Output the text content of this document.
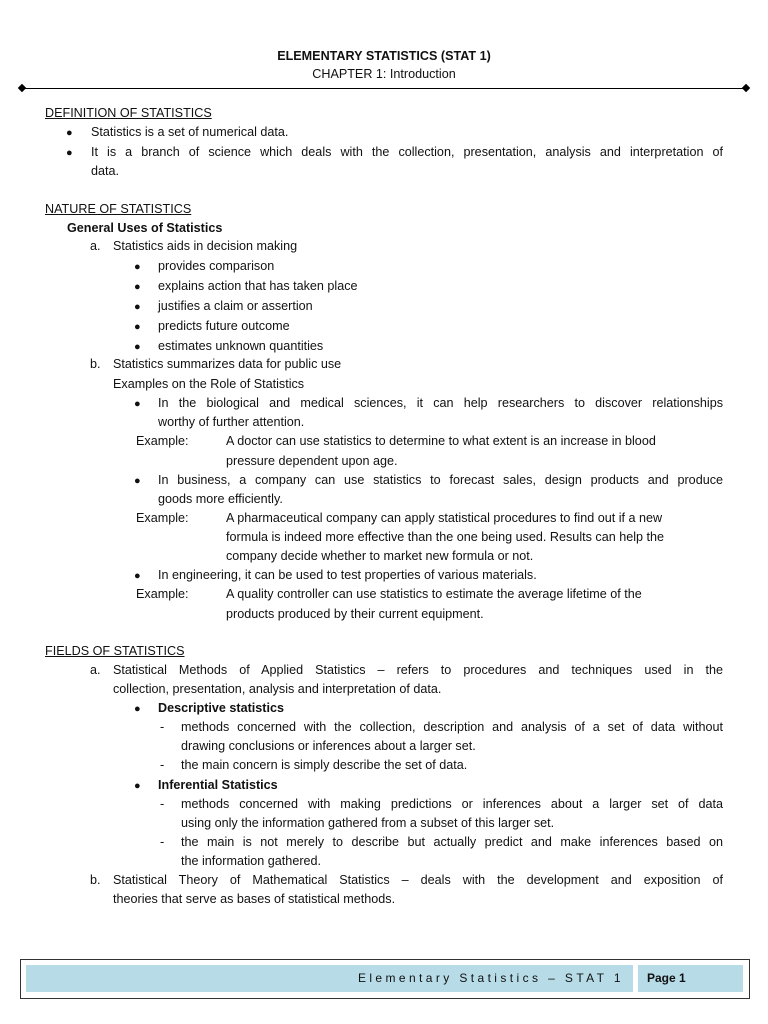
ELEMENTARY STATISTICS (STAT 1)
CHAPTER 1: Introduction
DEFINITION OF STATISTICS
● Statistics is a set of numerical data.
● It is a branch of science which deals with the collection, presentation, analysis and interpretation of
data.
NATURE OF STATISTICS
General Uses of Statistics
a. Statistics aids in decision making
● provides comparison
● explains action that has taken place
● justifies a claim or assertion
● predicts future outcome
● estimates unknown quantities
b. Statistics summarizes data for public use
Examples on the Role of Statistics
● In the biological and medical sciences, it can help researchers to discover relationships
worthy of further attention.
Example:	A doctor can use statistics to determine to what extent is an increase in blood
pressure dependent upon age.
● In business, a company can use statistics to forecast sales, design products and produce
goods more efficiently.
Example:	A pharmaceutical company can apply statistical procedures to find out if a new
formula is indeed more effective than the one being used. Results can help the
company decide whether to market new formula or not.
● In engineering, it can be used to test properties of various materials.
Example:	A quality controller can use statistics to estimate the average lifetime of the
products produced by their current equipment.
FIELDS OF STATISTICS
a. Statistical Methods of Applied Statistics – refers to procedures and techniques used in the
collection, presentation, analysis and interpretation of data.
● Descriptive statistics
- methods concerned with the collection, description and analysis of a set of data without
drawing conclusions or inferences about a larger set.
- the main concern is simply describe the set of data.
● Inferential Statistics
- methods concerned with making predictions or inferences about a larger set of data
using only the information gathered from a subset of this larger set.
- the main is not merely to describe but actually predict and make inferences based on
the information gathered.
b. Statistical Theory of Mathematical Statistics – deals with the development and exposition of
theories that serve as bases of statistical methods.
Elementary Statistics – STAT 1 Page 1
